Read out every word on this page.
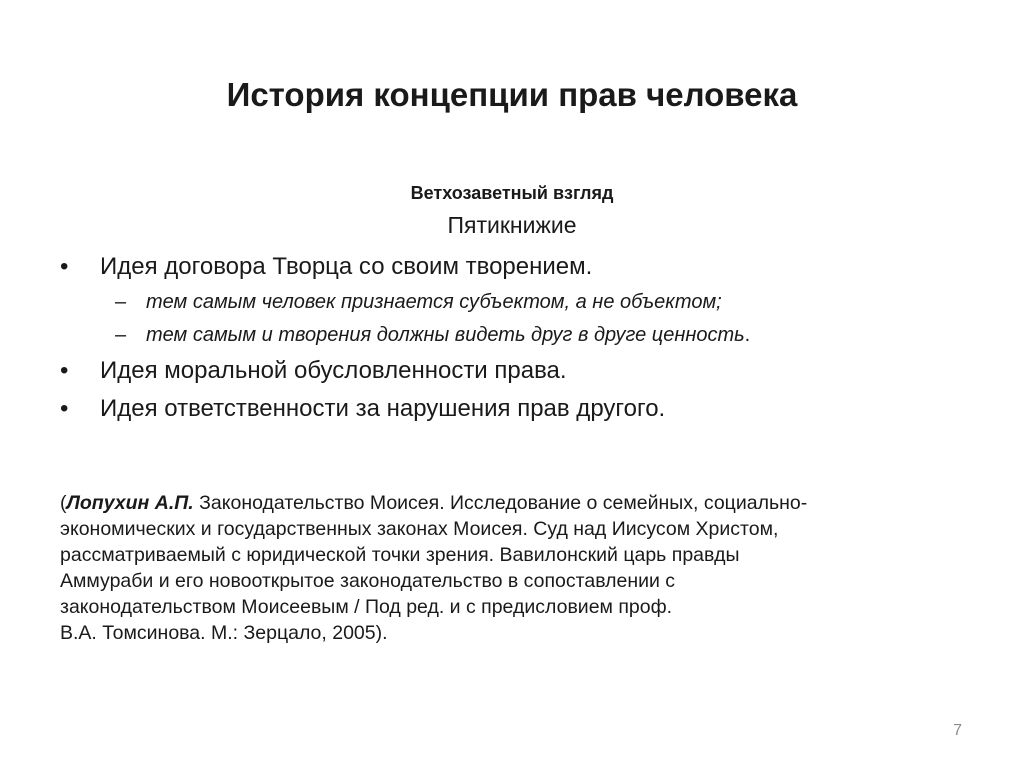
История концепции прав человека
Ветхозаветный взгляд
Пятикнижие
• Идея договора Творца со своим творением.
– тем самым человек признается субъектом, а не объектом;
– тем самым и творения должны видеть друг в друге ценность.
• Идея моральной обусловленности права.
• Идея ответственности за нарушения прав другого.
(Лопухин А.П. Законодательство Моисея. Исследование о семейных, социально-
экономических и государственных законах Моисея. Суд над Иисусом Христом,
рассматриваемый с юридической точки зрения. Вавилонский царь правды
Аммураби и его новооткрытое законодательство в сопоставлении с
законодательством Моисеевым / Под ред. и с предисловием проф.
В.А. Томсинова. М.: Зерцало, 2005).
7
